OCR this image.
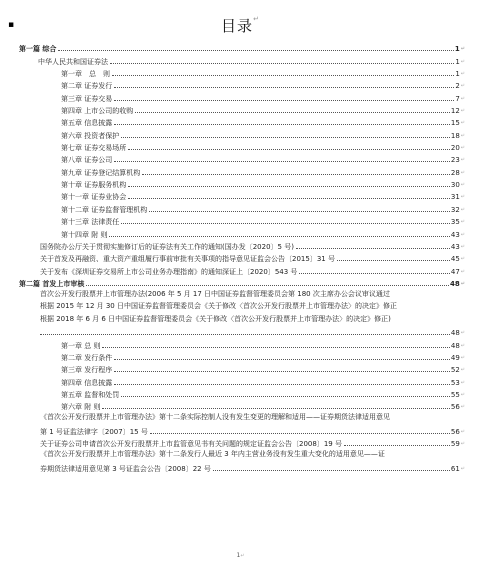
▪	目录↵
第一篇 综合	1 ↵
中华人民共和国证券法	1 ↵
第一章　总　则	1 ↵
第二章 证券发行	2 ↵
第三章 证券交易	7 ↵
第四章 上市公司的收购	12 ↵
第五章 信息披露	15 ↵
第六章 投资者保护	18 ↵
第七章 证券交易场所	20 ↵
第八章 证券公司	23 ↵
第九章 证券登记结算机构	28 ↵
第十章 证券服务机构	30 ↵
第十一章 证券业协会	31 ↵
第十二章 证券监督管理机构	32 ↵
第十三章 法律责任	35 ↵
第十四章 附 则	43 ↵
国务院办公厅关于贯彻实施修订后的证券法有关工作的通知(国办发〔2020〕5 号)	43 ↵
关于首发及再融资、重大资产重组履行事前审批有关事项的指导意见证监会公告〔2015〕31 号	45 ↵
关于发布《深圳证券交易所上市公司业务办理指南》的通知深证上〔2020〕543 号	47 ↵
第二篇 首发上市审核	48 ↵
首次公开发行股票并上市管理办法(2006 年 5 月 17 日中国证券监督管理委员会第 180 次主席办公会议审议通过
根据 2015 年 12 月 30 日中国证券监督管理委员会《关于修改〈首次公开发行股票并上市管理办法〉的决定》修正
根据 2018 年 6 月 6 日中国证券监督管理委员会《关于修改〈首次公开发行股票并上市管理办法〉的决定》修正)
48 ↵
第一章 总 则	48 ↵
第二章 发行条件	49 ↵
第三章 发行程序	52 ↵
第四章 信息披露	53 ↵
第五章 监督和处罚	55 ↵
第六章 附 则	56 ↵
《首次公开发行股票并上市管理办法》第十二条实际控制人没有发生变更的理解和适用——证券期货法律适用意见
第 1 号证监法律字〔2007〕15 号	56 ↵
关于证券公司申请首次公开发行股票并上市监管意见书有关问题的规定证监会公告〔2008〕19 号	59 ↵
《首次公开发行股票并上市管理办法》第十二条发行人最近 3 年内主营业务没有发生重大变化的适用意见——证
券期货法律适用意见第 3 号证监会公告〔2008〕22 号	61 ↵
1↵
